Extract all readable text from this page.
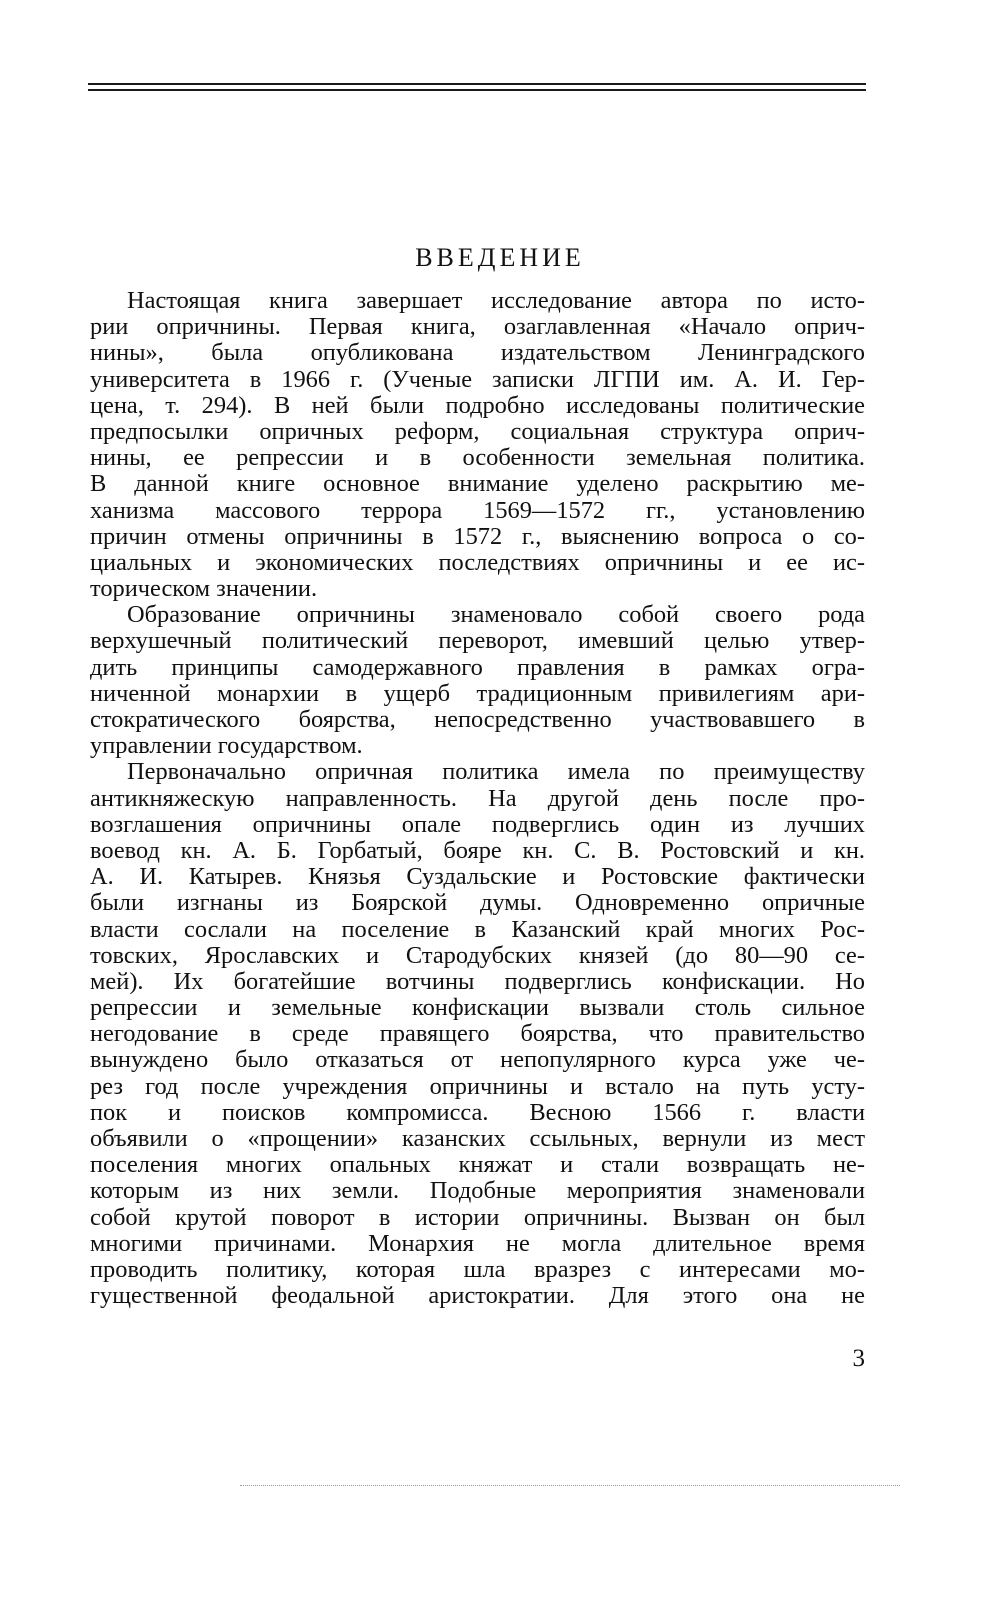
ВВЕДЕНИЕ
Настоящая книга завершает исследование автора по исто-
рии опричнины. Первая книга, озаглавленная «Начало оприч-
нины», была опубликована издательством Ленинградского
университета в 1966 г. (Ученые записки ЛГПИ им. А. И. Гер-
цена, т. 294). В ней были подробно исследованы политические
предпосылки опричных реформ, социальная структура оприч-
нины, ее репрессии и в особенности земельная политика.
В данной книге основное внимание уделено раскрытию ме-
ханизма массового террора 1569—1572 гг., установлению
причин отмены опричнины в 1572 г., выяснению вопроса о со-
циальных и экономических последствиях опричнины и ее ис-
торическом значении.
Образование опричнины знаменовало собой своего рода
верхушечный политический переворот, имевший целью утвер-
дить принципы самодержавного правления в рамках огра-
ниченной монархии в ущерб традиционным привилегиям ари-
стократического боярства, непосредственно участвовавшего в
управлении государством.
Первоначально опричная политика имела по преимуществу
антикняжескую направленность. На другой день после про-
возглашения опричнины опале подверглись один из лучших
воевод кн. А. Б. Горбатый, бояре кн. С. В. Ростовский и кн.
А. И. Катырев. Князья Суздальские и Ростовские фактически
были изгнаны из Боярской думы. Одновременно опричные
власти сослали на поселение в Казанский край многих Рос-
товских, Ярославских и Стародубских князей (до 80—90 се-
мей). Их богатейшие вотчины подверглись конфискации. Но
репрессии и земельные конфискации вызвали столь сильное
негодование в среде правящего боярства, что правительство
вынуждено было отказаться от непопулярного курса уже че-
рез год после учреждения опричнины и встало на путь усту-
пок и поисков компромисса. Весною 1566 г. власти
объявили о «прощении» казанских ссыльных, вернули из мест
поселения многих опальных княжат и стали возвращать не-
которым из них земли. Подобные мероприятия знаменовали
собой крутой поворот в истории опричнины. Вызван он был
многими причинами. Монархия не могла длительное время
проводить политику, которая шла вразрез с интересами мо-
гущественной феодальной аристократии. Для этого она не
3
